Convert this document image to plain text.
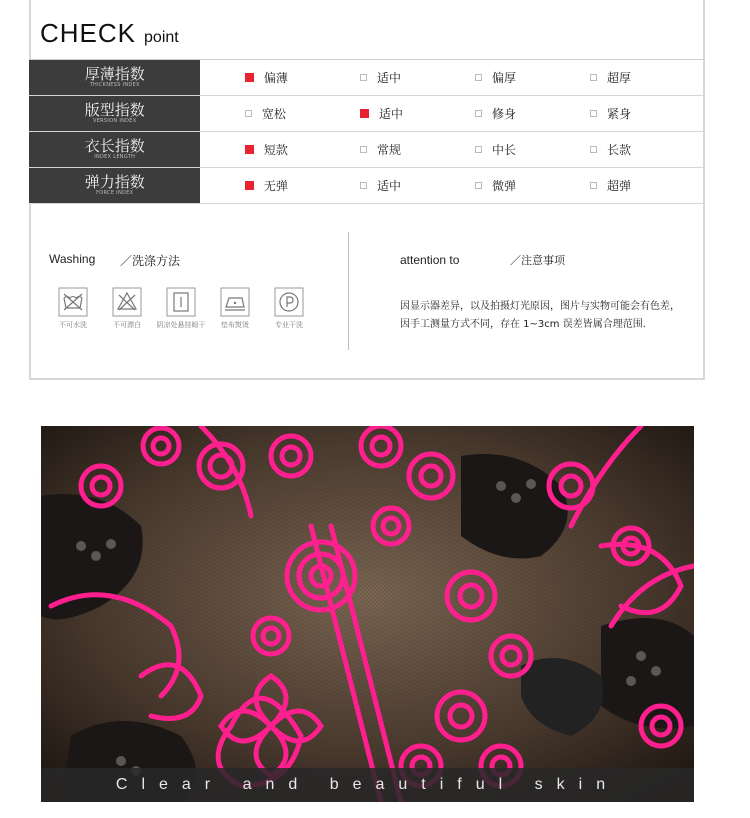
CHECK point
厚薄指数
THICKNESS INDEX		偏薄	适中	偏厚	超厚

版型指数
VERSION INDEX		宽松	适中	修身	紧身

衣长指数
INDEX LENGTH		短款	常规	中长	长款

弹力指数
FORCE INDEX		无弹	适中	微弹	超弹
Washing ／洗涤方法
不可水洗	不可漂白	阴凉处悬挂晾干	垫布熨烫	专业干洗
attention to	／注意事项
因显示器差异，以及拍摄灯光原因，图片与实物可能会有色差，
因手工测量方式不同，存在 1~3cm 误差皆属合理范围.
Clear and beautiful skin
